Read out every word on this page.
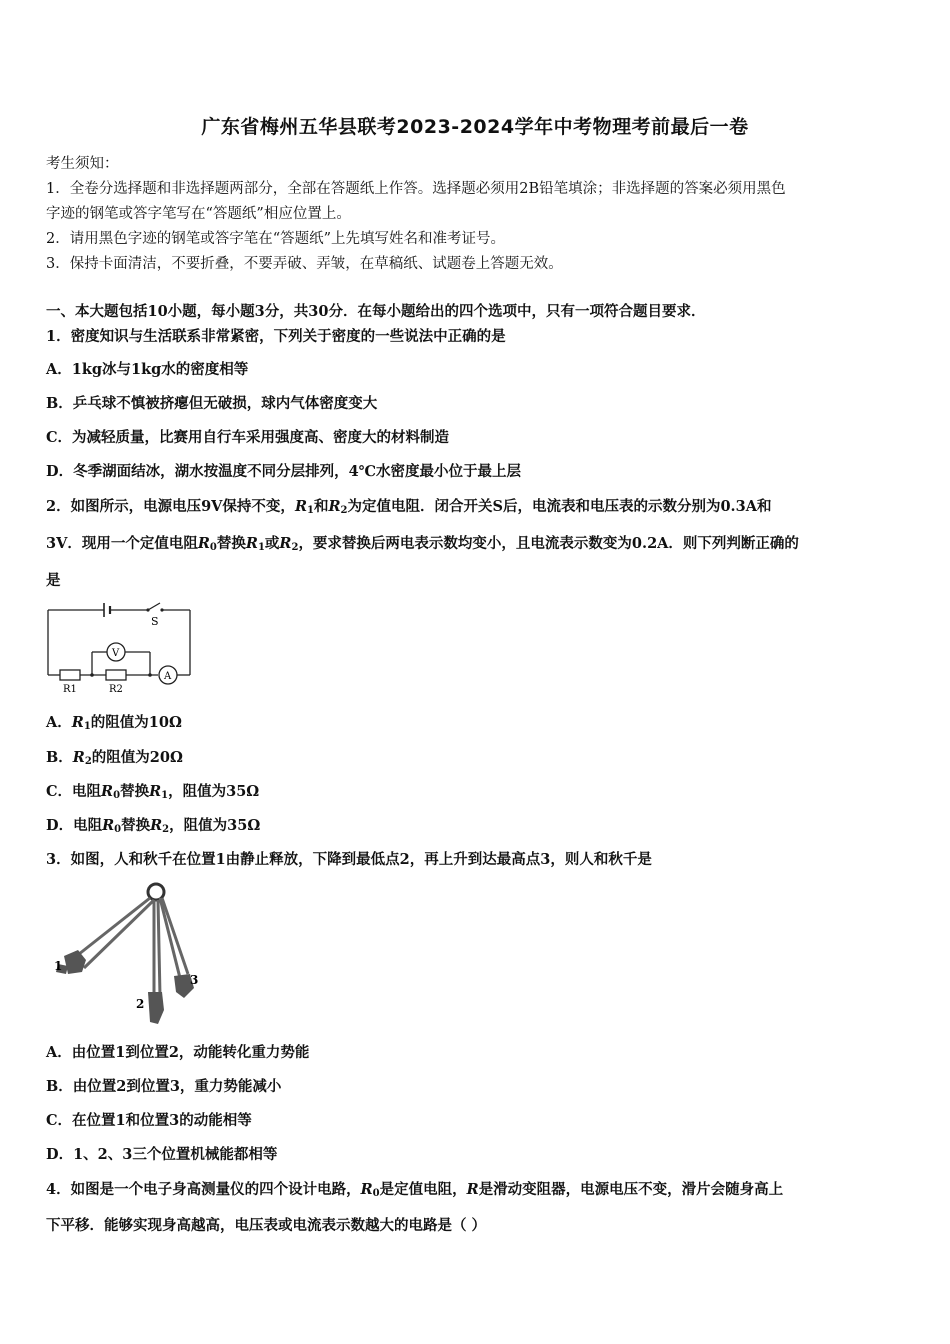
广东省梅州五华县联考2023-2024学年中考物理考前最后一卷
考生须知：
1．全卷分选择题和非选择题两部分，全部在答题纸上作答。选择题必须用2B铅笔填涂；非选择题的答案必须用黑色
字迹的钢笔或答字笔写在“答题纸”相应位置上。
2．请用黑色字迹的钢笔或答字笔在“答题纸”上先填写姓名和准考证号。
3．保持卡面清洁，不要折叠，不要弄破、弄皱，在草稿纸、试题卷上答题无效。
一、本大题包括10小题，每小题3分，共30分．在每小题给出的四个选项中，只有一项符合题目要求．
1．密度知识与生活联系非常紧密，下列关于密度的一些说法中正确的是
A．1kg冰与1kg水的密度相等
B．乒乓球不慎被挤瘪但无破损，球内气体密度变大
C．为减轻质量，比赛用自行车采用强度高、密度大的材料制造
D．冬季湖面结冰，湖水按温度不同分层排列，4℃水密度最小位于最上层
2．如图所示，电源电压9V保持不变，$R_1$和$R_2$为定值电阻．闭合开关S后，电流表和电压表的示数分别为0.3A和
3V．现用一个定值电阻$R_0$替换$R_1$或$R_2$，要求替换后两电表示数均变小，且电流表示数变为0.2A．则下列判断正确的
是
S
V
A
R1	R2
A．$R_1$的阻值为10Ω
B．$R_2$的阻值为20Ω
C．电阻$R_0$替换$R_1$，阻值为35Ω
D．电阻$R_0$替换$R_2$，阻值为35Ω
3．如图，人和秋千在位置1由静止释放，下降到最低点2，再上升到达最高点3，则人和秋千是
1
2
3
A．由位置1到位置2，动能转化重力势能
B．由位置2到位置3，重力势能减小
C．在位置1和位置3的动能相等
D．1、2、3三个位置机械能都相等
4．如图是一个电子身高测量仪的四个设计电路，$R_0$是定值电阻，R是滑动变阻器，电源电压不变，滑片会随身高上
下平移．能够实现身高越高，电压表或电流表示数越大的电路是（ ）
